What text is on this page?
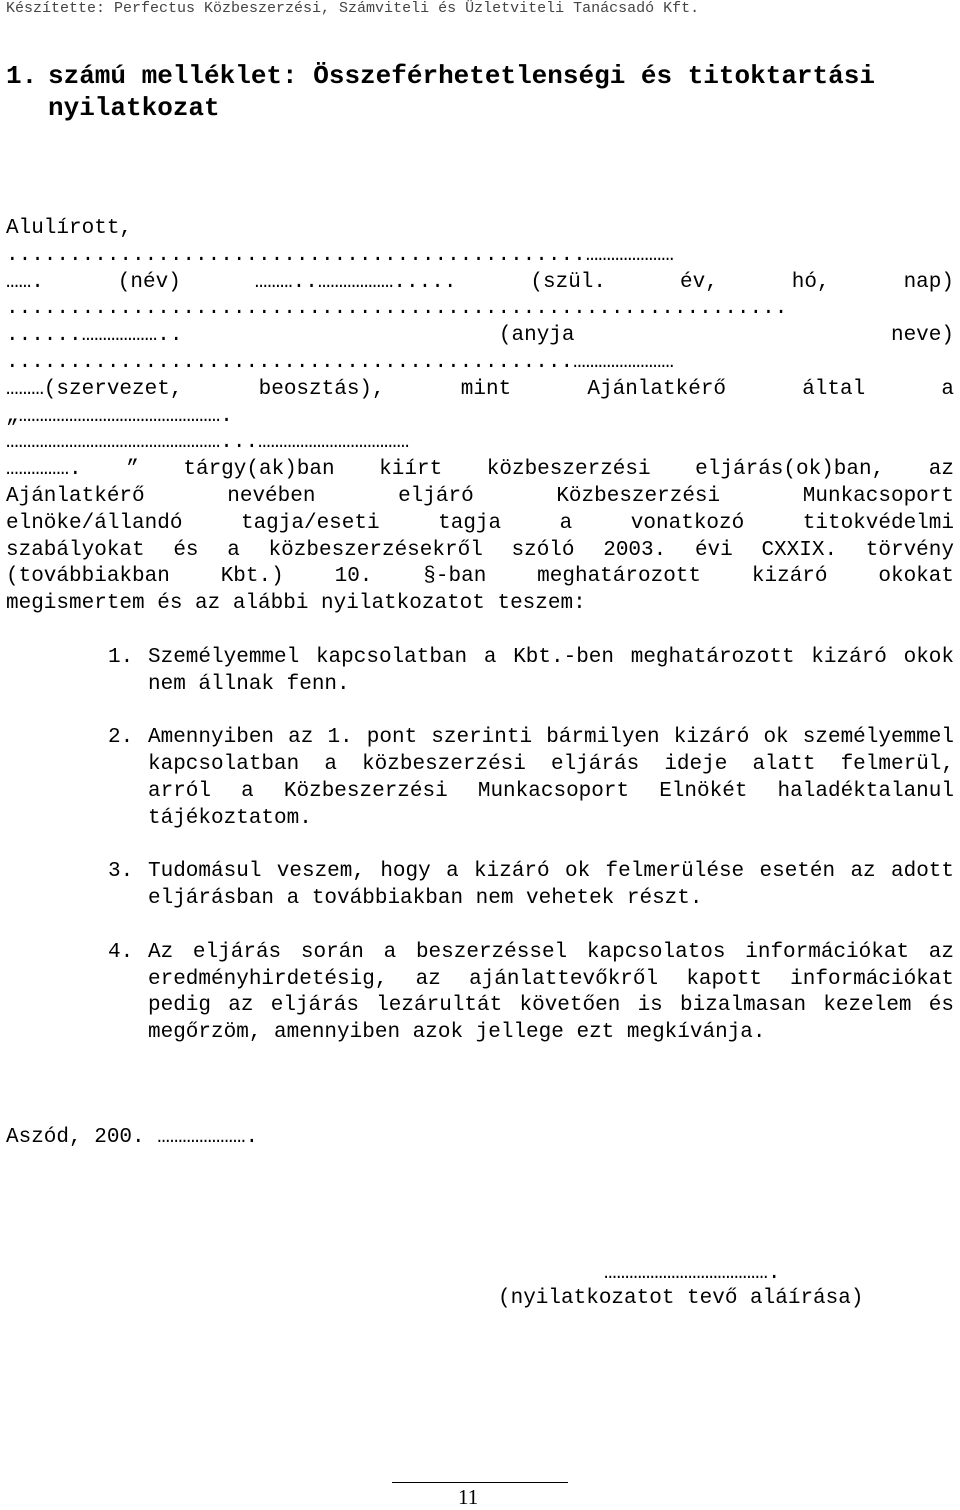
Készítette: Perfectus Közbeszerzési, Számviteli és Üzletviteli Tanácsadó Kft.
1. számú melléklet: Összeférhetetlenségi és titoktartási
nyilatkozat

Alulírott,

..............................................…………………

……. (név) ………..………………..... (szül. év, hó, nap)

..............................................................

......……………….. (anyja neve)

.............................................……………………

………(szervezet, beosztás), mint Ajánlatkérő által a

„………………………………………….

……………………………………………...………………………………

……………. ” tárgy(ak)ban kiírt közbeszerzési eljárás(ok)ban, az

Ajánlatkérő nevében eljáró Közbeszerzési Munkacsoport

elnöke/állandó tagja/eseti tagja a vonatkozó titokvédelmi

szabályokat és a közbeszerzésekről szóló 2003. évi CXXIX. törvény

(továbbiakban Kbt.) 10. §-ban meghatározott kizáró okokat

megismertem és az alábbi nyilatkozatot teszem:

1. Személyemmel kapcsolatban a Kbt.-ben meghatározott kizáró okok nem állnak fenn.
2. Amennyiben az 1. pont szerinti bármilyen kizáró ok személyemmel kapcsolatban a közbeszerzési eljárás ideje alatt felmerül, arról a Közbeszerzési Munkacsoport Elnökét haladéktalanul tájékoztatom.
3. Tudomásul veszem, hogy a kizáró ok felmerülése esetén az adott eljárásban a továbbiakban nem vehetek részt.
4. Az eljárás során a beszerzéssel kapcsolatos információkat az eredményhirdetésig, az ajánlattevőkről kapott információkat pedig az eljárás lezárultát követően is bizalmasan kezelem és megőrzöm, amennyiben azok jellege ezt megkívánja.
Aszód, 200. ………………….
………………………………….
(nyilatkozatot tevő aláírása)
11
